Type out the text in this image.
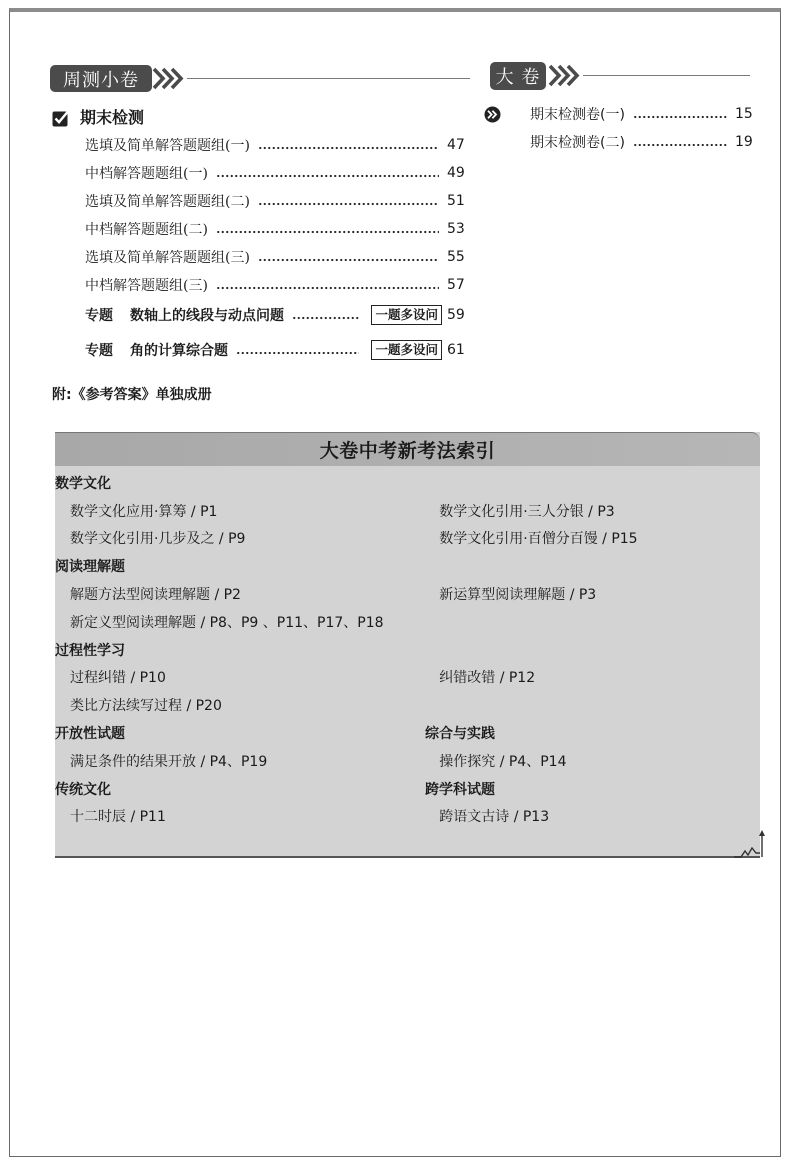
周测小卷	大 卷
期末检测
选填及简单解答题题组(一)	47
中档解答题题组(一)	49
选填及简单解答题题组(二)	51
中档解答题题组(二)	53
选填及简单解答题题组(三)	55
中档解答题题组(三)	57
专题	数轴上的线段与动点问题	一题多设问 59
专题	角的计算综合题	一题多设问 61
附:《参考答案》单独成册
期末检测卷(一)	15
期末检测卷(二)	19
大卷中考新考法索引
数学文化
数学文化应用·算筹 / P1	数学文化引用·三人分银 / P3
数学文化引用·几步及之 / P9	数学文化引用·百僧分百馒 / P15
阅读理解题
解题方法型阅读理解题 / P2	新运算型阅读理解题 / P3
新定义型阅读理解题 / P8、P9 、P11、P17、P18
过程性学习
过程纠错 / P10	纠错改错 / P12
类比方法续写过程 / P20
开放性试题	综合与实践
满足条件的结果开放 / P4、P19	操作探究 / P4、P14
传统文化	跨学科试题
十二时辰 / P11	跨语文古诗 / P13
